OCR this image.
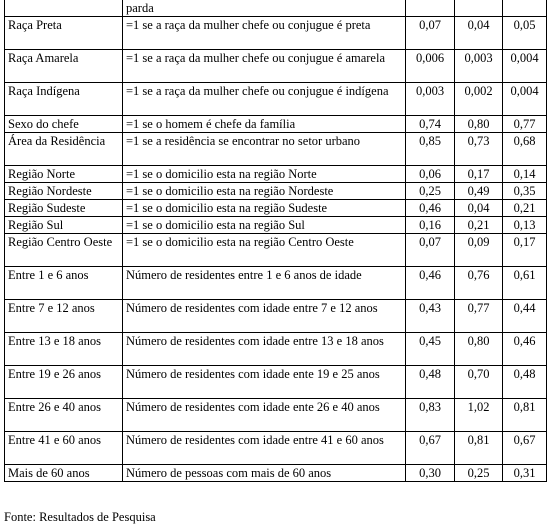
	parda			
Raça Preta	=1 se a raça da mulher chefe ou conjugue é preta	0,07	0,04	0,05
Raça Amarela	=1 se a raça da mulher chefe ou conjugue é amarela	0,006	0,003	0,004
Raça Indígena	=1 se a raça da mulher chefe ou conjugue é indígena	0,003	0,002	0,004
Sexo do chefe	=1 se o homem é chefe da família	0,74	0,80	0,77
Área da Residência	=1 se a residência se encontrar no setor urbano	0,85	0,73	0,68
Região Norte	=1 se o domicilio esta na região Norte	0,06	0,17	0,14
Região Nordeste	=1 se o domicilio esta na região Nordeste	0,25	0,49	0,35
Região Sudeste	=1 se o domicilio esta na região Sudeste	0,46	0,04	0,21
Região Sul	=1 se o domicilio esta na região Sul	0,16	0,21	0,13
Região Centro Oeste	=1 se o domicilio esta na região Centro Oeste	0,07	0,09	0,17
Entre 1 e 6 anos	Número de residentes entre 1 e 6 anos de idade	0,46	0,76	0,61
Entre 7 e 12 anos	Número de residentes com idade entre 7 e 12 anos	0,43	0,77	0,44
Entre 13 e 18 anos	Número de residentes com idade entre 13 e 18 anos	0,45	0,80	0,46
Entre 19 e 26 anos	Número de residentes com idade ente 19 e 25 anos	0,48	0,70	0,48
Entre 26 e 40 anos	Número de residentes com idade ente 26 e 40 anos	0,83	1,02	0,81
Entre 41 e 60 anos	Número de residentes com idade entre 41 e 60 anos	0,67	0,81	0,67
Mais de 60 anos	Número de pessoas com mais de 60 anos	0,30	0,25	0,31
Fonte: Resultados de Pesquisa
